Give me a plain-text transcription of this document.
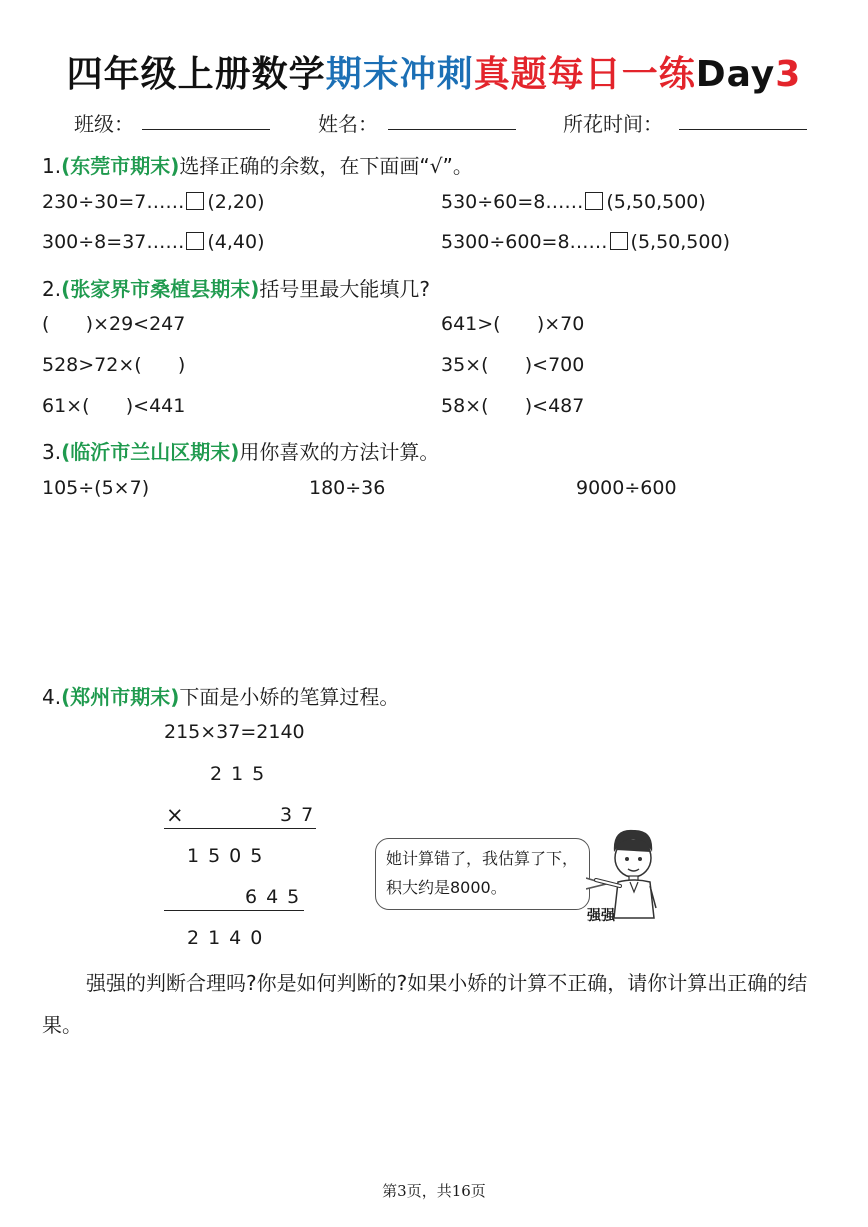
四年级上册数学期末冲刺真题每日一练Day3
班级：	姓名：	所花时间：
1.(东莞市期末)选择正确的余数，在下面画“√”。
230÷30=7…… (2,20)	530÷60=8…… (5,50,500)
300÷8=37…… (4,40)	5300÷600=8…… (5,50,500)
2.(张家界市桑植县期末)括号里最大能填几?
(      )×29<247	641>(      )×70
528>72×(      )	35×(      )<700
61×(      )<441	58×(      )<487
3.(临沂市兰山区期末)用你喜欢的方法计算。
105÷(5×7)	180÷36	9000÷600
4.(郑州市期末)下面是小娇的笔算过程。
215×37=2140
215
×	37
1505
645
2140
她计算错了，我估算了下，积大约是8000。
强强
强强的判断合理吗?你是如何判断的?如果小娇的计算不正确，请你计算出正确的结果。
第3页，共16页
